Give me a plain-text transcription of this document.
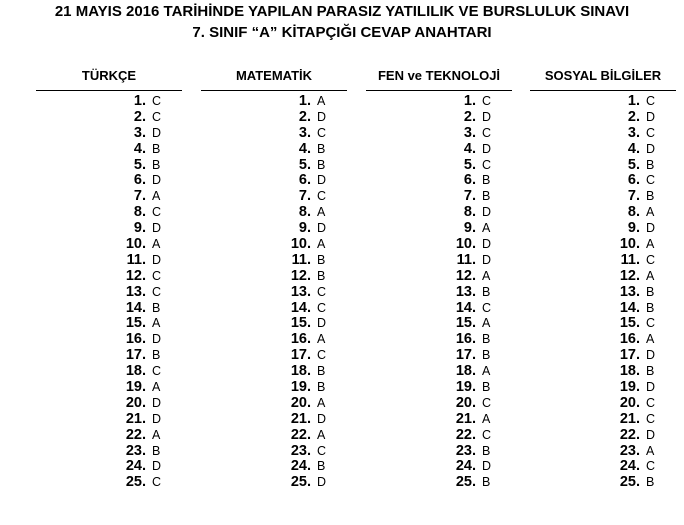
21 MAYIS 2016 TARİHİNDE YAPILAN PARASIZ YATILILIK VE BURSLULUK SINAVI
7. SINIF “A” KİTAPÇIĞI CEVAP ANAHTARI
TÜRKÇE
1. C
2. C
3. D
4. B
5. B
6. D
7. A
8. C
9. D
10. A
11. D
12. C
13. C
14. B
15. A
16. D
17. B
18. C
19. A
20. D
21. D
22. A
23. B
24. D
25. C
MATEMATİK
1. A
2. D
3. C
4. B
5. B
6. D
7. C
8. A
9. D
10. A
11. B
12. B
13. C
14. C
15. D
16. A
17. C
18. B
19. B
20. A
21. D
22. A
23. C
24. B
25. D
FEN ve TEKNOLOJİ
1. C
2. D
3. C
4. D
5. C
6. B
7. B
8. D
9. A
10. D
11. D
12. A
13. B
14. C
15. A
16. B
17. B
18. A
19. B
20. C
21. A
22. C
23. B
24. D
25. B
SOSYAL BİLGİLER
1. C
2. D
3. C
4. D
5. B
6. C
7. B
8. A
9. D
10. A
11. C
12. A
13. B
14. B
15. C
16. A
17. D
18. B
19. D
20. C
21. C
22. D
23. A
24. C
25. B
